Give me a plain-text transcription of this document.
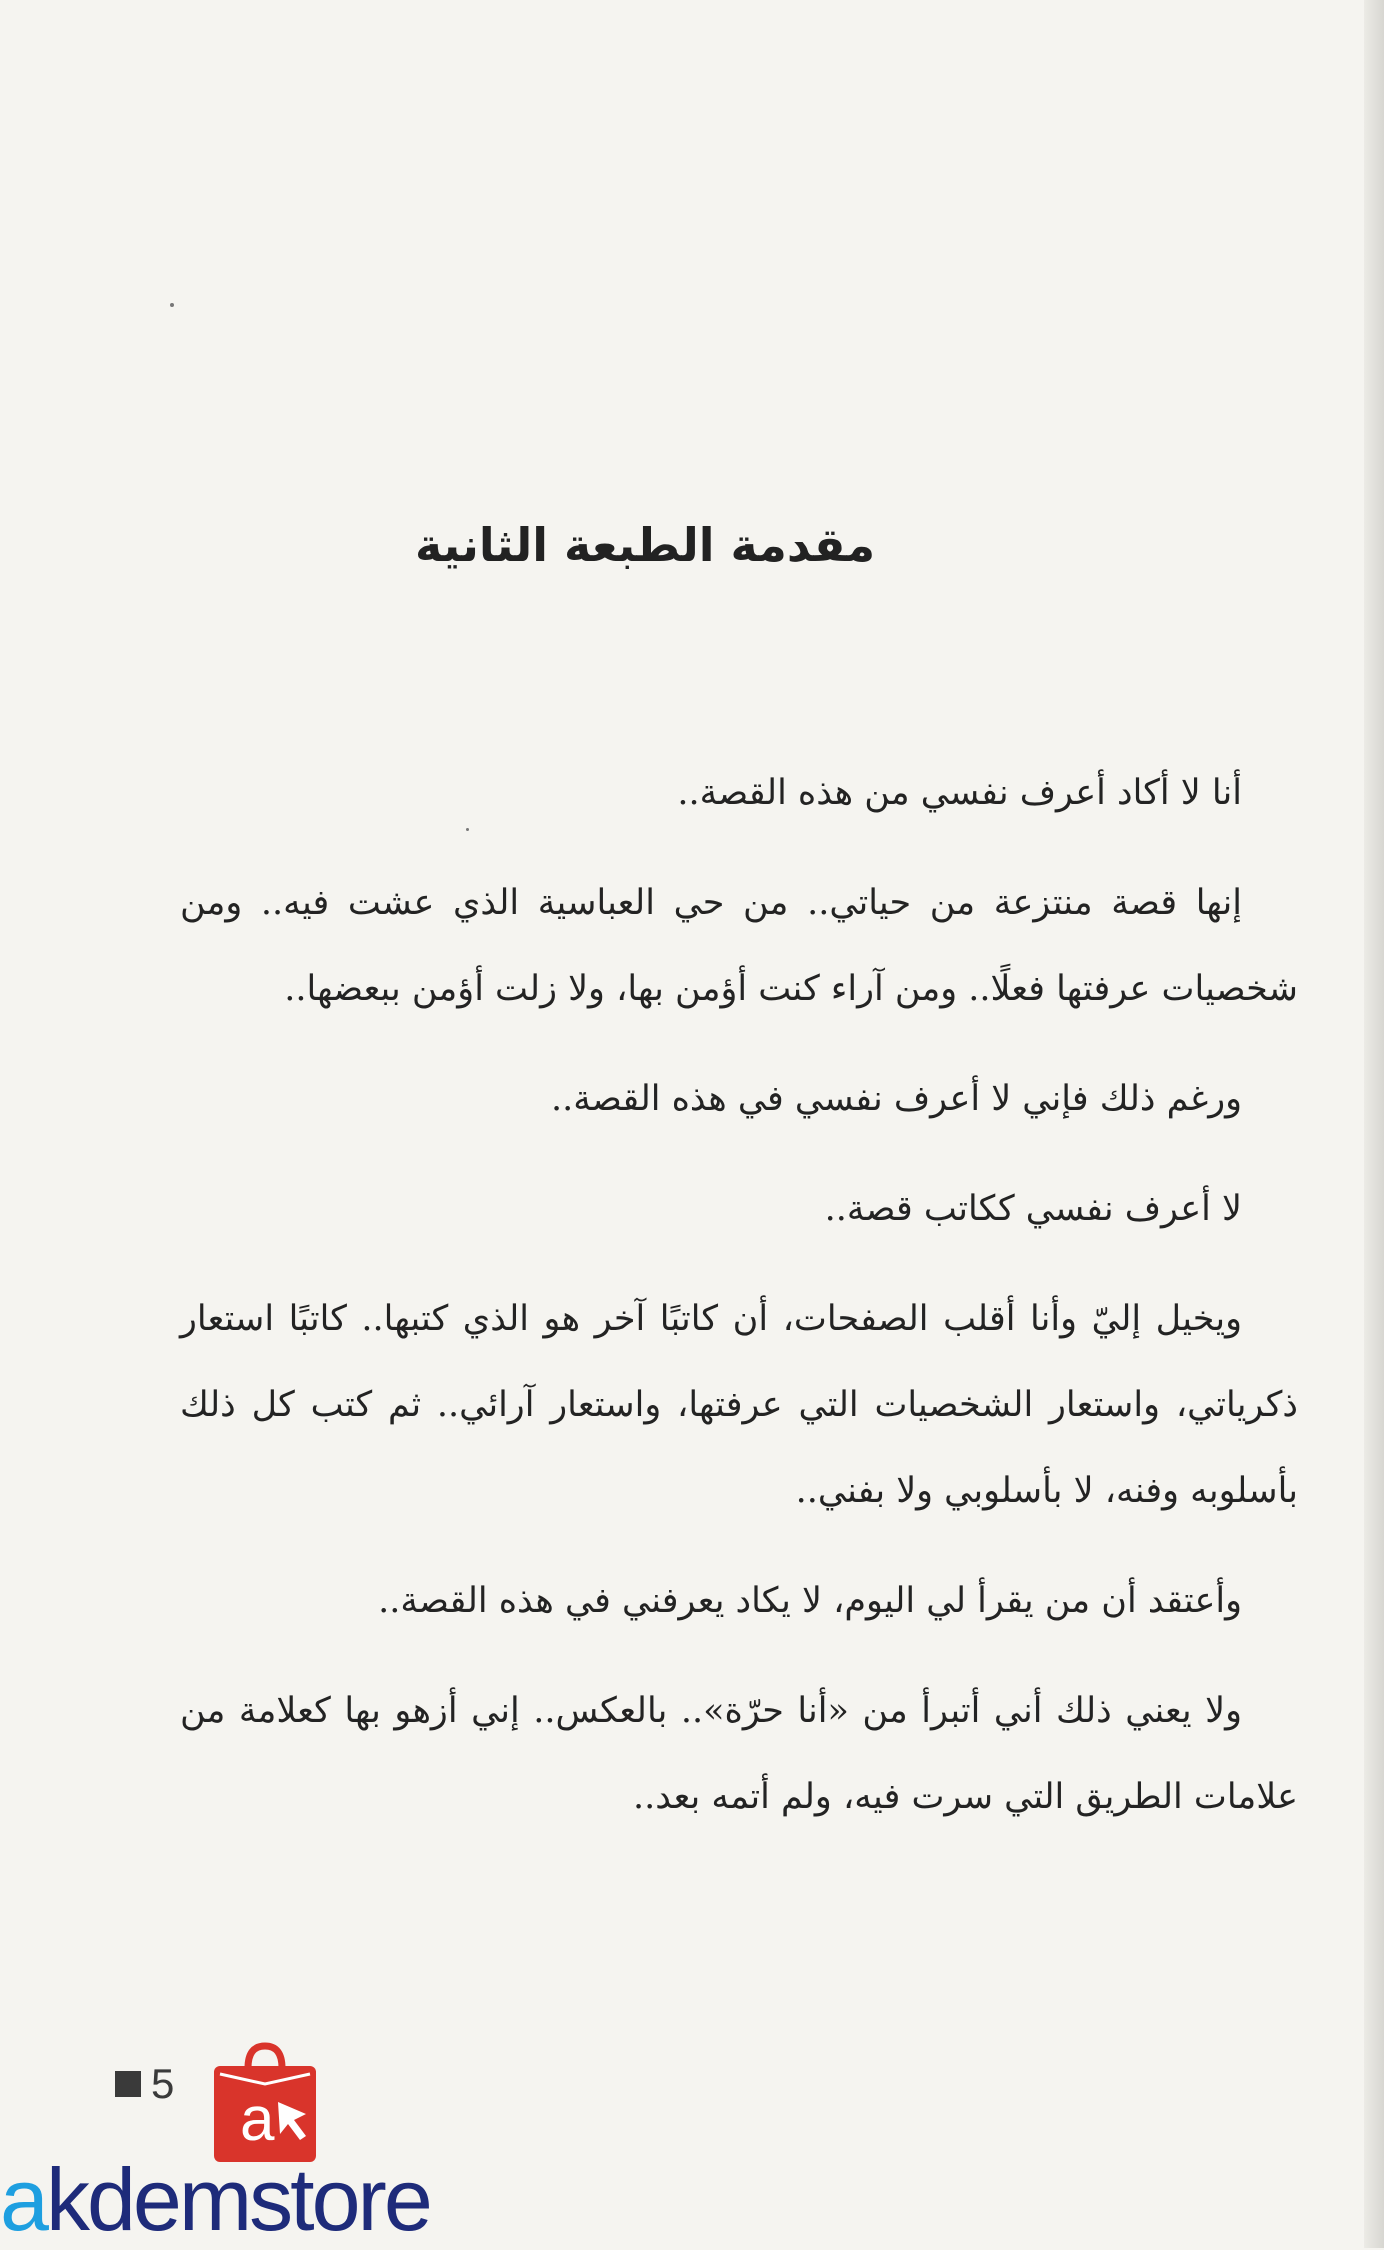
مقدمة الطبعة الثانية

أنا لا أكاد أعرف نفسي من هذه القصة..

إنها قصة منتزعة من حياتي.. من حي العباسية الذي عشت فيه.. ومن شخصيات عرفتها فعلًا.. ومن آراء كنت أؤمن بها، ولا زلت أؤمن ببعضها..

ورغم ذلك فإني لا أعرف نفسي في هذه القصة..

لا أعرف نفسي ككاتب قصة..

ويخيل إليّ وأنا أقلب الصفحات، أن كاتبًا آخر هو الذي كتبها.. كاتبًا استعار ذكرياتي، واستعار الشخصيات التي عرفتها، واستعار آرائي.. ثم كتب كل ذلك بأسلوبه وفنه، لا بأسلوبي ولا بفني..

وأعتقد أن من يقرأ لي اليوم، لا يكاد يعرفني في هذه القصة..

ولا يعني ذلك أني أتبرأ من «أنا حرّة».. بالعكس.. إني أزهو بها كعلامة من علامات الطريق التي سرت فيه، ولم أتمه بعد..

5
a
akdemstore
